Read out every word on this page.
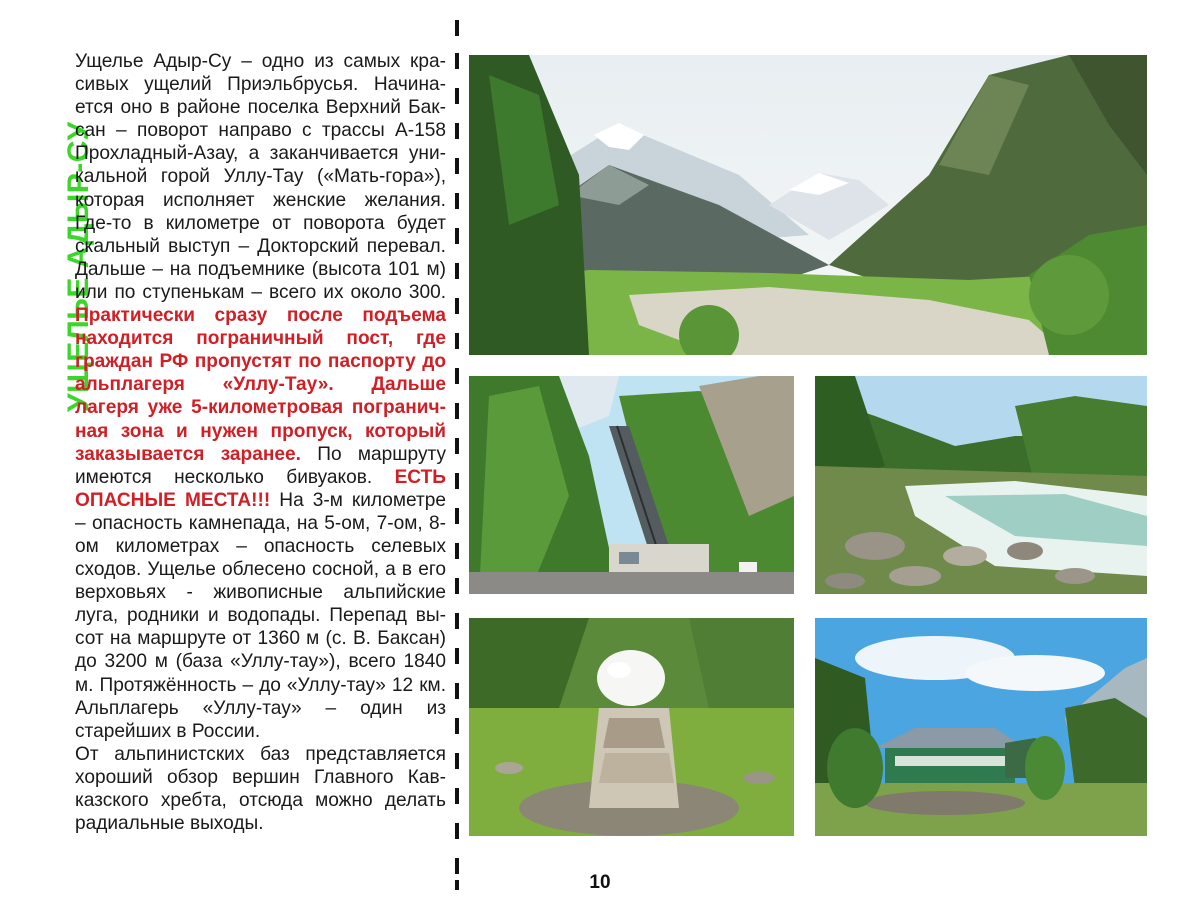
УЩЕЛЬЕ АДЫР-СУ
Ущелье Адыр-Су – одно из самых красивых ущелий Приэльбрусья. Начинается оно в районе поселка Верхний Баксан – поворот направо с трассы А-158 Прохладный-Азау, а заканчивается уникальной горой Уллу-Тау («Мать-гора»), которая исполняет женские желания. Где-то в километре от поворота будет скальный выступ – Докторский перевал. Дальше – на подъемнике (высота 101 м) или по ступенькам – всего их около 300. Практически сразу после подъема находится пограничный пост, где граждан РФ пропустят по паспорту до альплагеря «Уллу-Тау». Дальше лагеря уже 5-километровая пограничная зона и нужен пропуск, который заказывается заранее. По маршруту имеются несколько бивуаков. ЕСТЬ ОПАСНЫЕ МЕСТА!!! На 3-м километре – опасность камнепада, на 5-ом, 7-ом, 8-ом километрах – опасность селевых сходов. Ущелье облесено сосной, а в его верховьях - живописные альпийские луга, родники и водопады. Перепад высот на маршруте от 1360 м (с. В. Баксан) до 3200 м (база «Уллу-тау»), всего 1840 м. Протяжённость – до «Уллу-тау» 12 км. Альплагерь «Уллу-тау» – один из старейших в России.
От альпинистских баз представляется хороший обзор вершин Главного Кавказского хребта, отсюда можно делать радиальные выходы.
10
